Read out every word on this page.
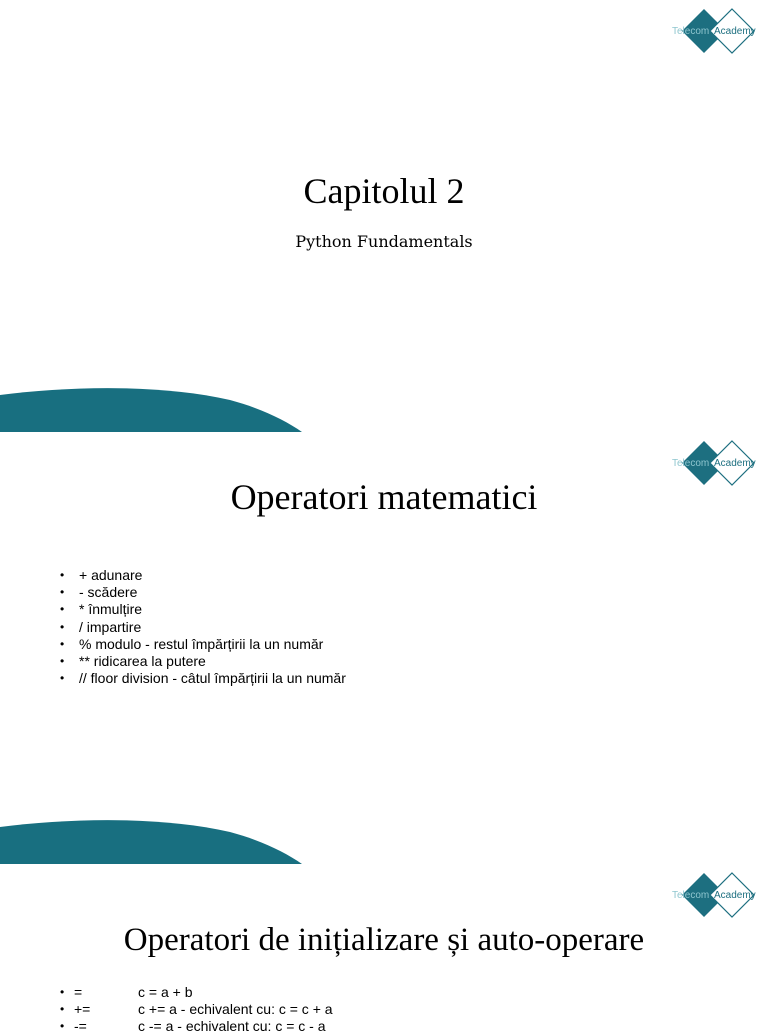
Telecom Academy
Capitolul 2
Python Fundamentals
Telecom Academy
Operatori matematici
• + adunare
• - scădere
• * înmulțire
• / impartire
• % modulo - restul împărțirii la un număr
• ** ridicarea la putere
• // floor division - câtul împărțirii la un număr
Telecom Academy
Operatori de inițializare și auto-operare
• =	c = a + b
• +=	c += a - echivalent cu: c = c + a
• -=	c -= a - echivalent cu: c = c - a
